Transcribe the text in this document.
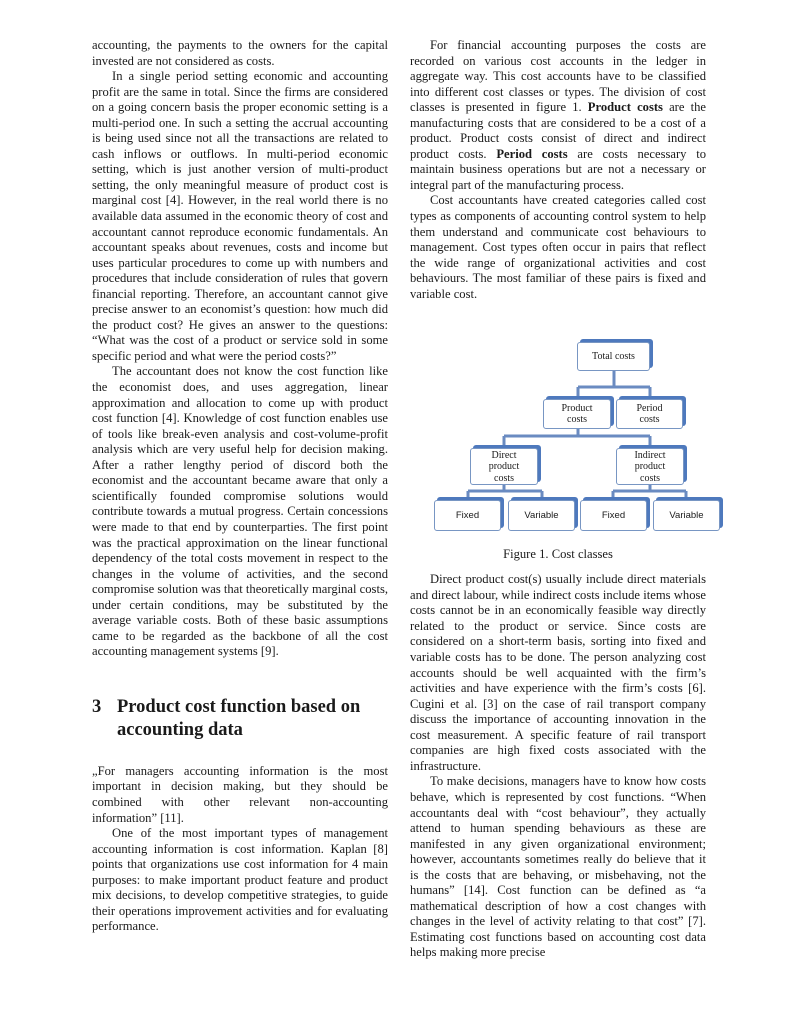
accounting, the payments to the owners for the capital invested are not considered as costs.

In a single period setting economic and accounting profit are the same in total. Since the firms are considered on a going concern basis the proper economic setting is a multi-period one. In such a setting the accrual accounting is being used since not all the transactions are related to cash inflows or outflows. In multi-period economic setting, which is just another version of multi-product setting, the only meaningful measure of product cost is marginal cost [4]. However, in the real world there is no available data assumed in the economic theory of cost and accountant cannot reproduce economic fundamentals. An accountant speaks about revenues, costs and income but uses particular procedures to come up with numbers and procedures that include consideration of rules that govern financial reporting. Therefore, an accountant cannot give precise answer to an economist’s question: how much did the product cost? He gives an answer to the questions: “What was the cost of a product or service sold in some specific period and what were the period costs?”

The accountant does not know the cost function like the economist does, and uses aggregation, linear approximation and allocation to come up with product cost function [4]. Knowledge of cost function enables use of tools like break-even analysis and cost-volume-profit analysis which are very useful help for decision making. After a rather lengthy period of discord both the economist and the accountant became aware that only a scientifically founded compromise solutions would contribute towards a mutual progress. Certain concessions were made to that end by counterparties. The first point was the practical approximation on the linear functional dependency of the total costs movement in respect to the changes in the volume of activities, and the second compromise solution was that theoretically marginal costs, under certain conditions, may be substituted by the average variable costs. Both of these basic assumptions came to be regarded as the backbone of all the cost accounting management systems [9].

3 Product cost function based on accounting data

„For managers accounting information is the most important in decision making, but they should be combined with other relevant non-accounting information” [11].

One of the most important types of management accounting information is cost information. Kaplan [8] points that organizations use cost information for 4 main purposes: to make important product feature and product mix decisions, to develop competitive strategies, to guide their operations improvement activities and for evaluating performance.

For financial accounting purposes the costs are recorded on various cost accounts in the ledger in aggregate way. This cost accounts have to be classified into different cost classes or types. The division of cost classes is presented in figure 1. Product costs are the manufacturing costs that are considered to be a cost of a product. Product costs consist of direct and indirect product costs. Period costs are costs necessary to maintain business operations but are not a necessary or integral part of the manufacturing process.

Cost accountants have created categories called cost types as components of accounting control system to help them understand and communicate cost behaviours to management. Cost types often occur in pairs that reflect the wide range of organizational activities and cost behaviours. The most familiar of these pairs is fixed and variable cost.

Total costs
Product costs
Period costs
Direct product costs
Indirect product costs
Fixed	Variable	Fixed	Variable
Figure 1. Cost classes

Direct product cost(s) usually include direct materials and direct labour, while indirect costs include items whose costs cannot be in an economically feasible way directly related to the product or service. Since costs are considered on a short-term basis, sorting into fixed and variable costs has to be done. The person analyzing cost accounts should be well acquainted with the firm’s activities and have experience with the firm’s costs [6]. Cugini et al. [3] on the case of rail transport company discuss the importance of accounting innovation in the cost measurement. A specific feature of rail transport companies are high fixed costs associated with the infrastructure.

To make decisions, managers have to know how costs behave, which is represented by cost functions. “When accountants deal with “cost behaviour”, they actually attend to human spending behaviours as these are manifested in any given organizational environment; however, accountants sometimes really do believe that it is the costs that are behaving, or misbehaving, not the humans” [14]. Cost function can be defined as “a mathematical description of how a cost changes with changes in the level of activity relating to that cost” [7]. Estimating cost functions based on accounting cost data helps making more precise
